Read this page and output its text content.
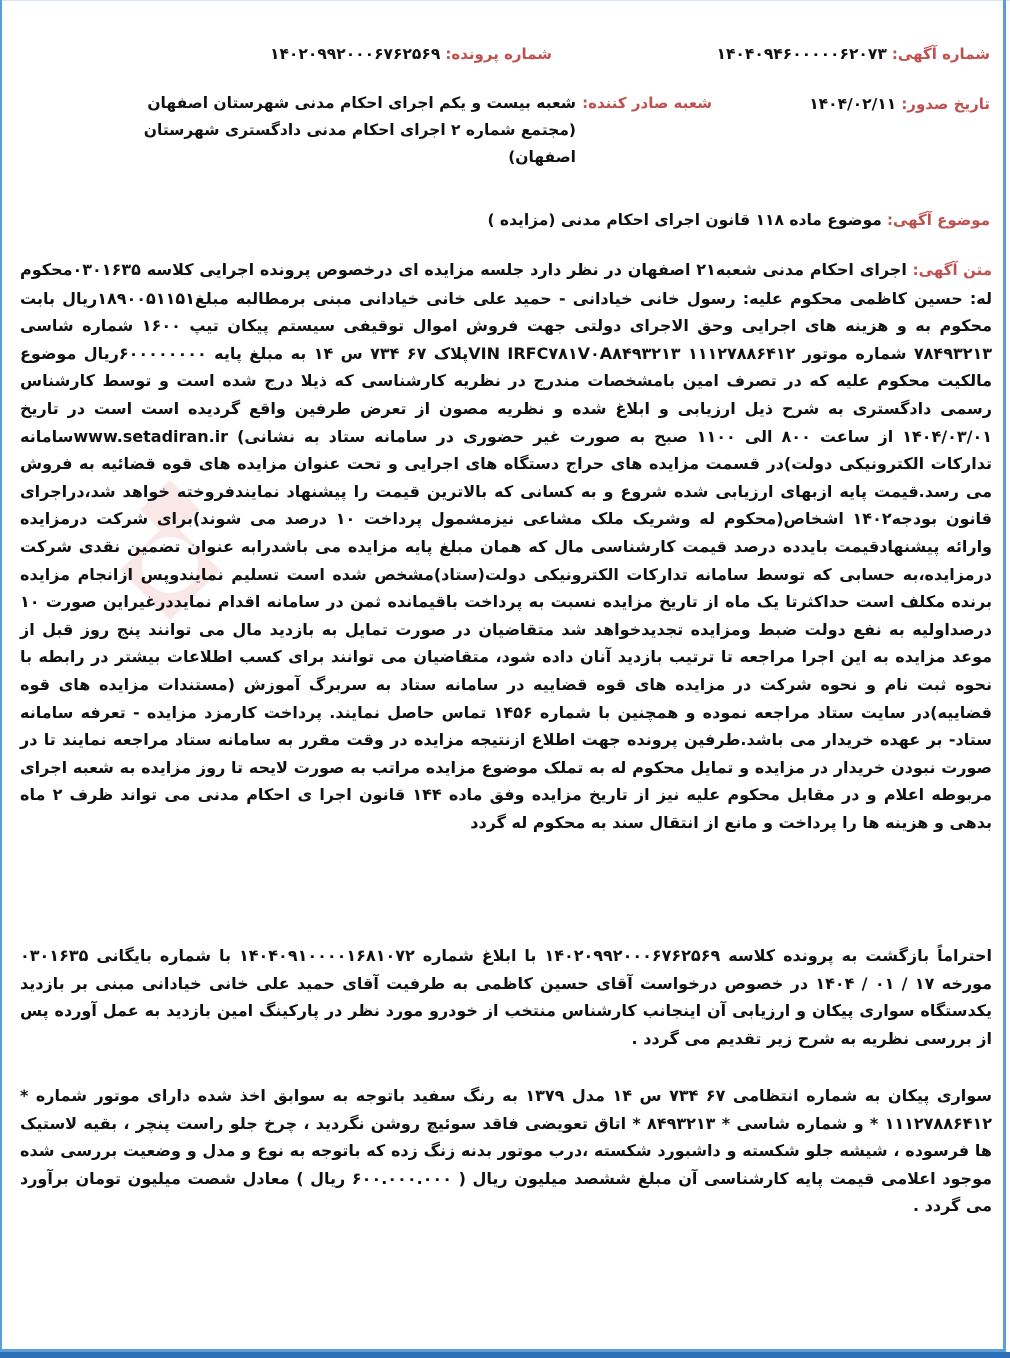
شماره آگهی: ۱۴۰۴۰۹۴۶۰۰۰۰۰۶۲۰۷۳
شماره پرونده: ۱۴۰۲۰۹۹۲۰۰۰۶۷۶۲۵۶۹
تاریخ صدور: ۱۴۰۴/۰۲/۱۱
شعبه صادر کننده:
شعبه بیست و یکم اجرای احکام مدنی شهرستان اصفهان
(مجتمع شماره ۲ اجرای احکام مدنی دادگستری شهرستان
اصفهان)
موضوع آگهی: موضوع ماده ۱۱۸ قانون اجرای احکام مدنی (مزایده )
متن آگهی: اجرای احکام مدنی شعبه۲۱ اصفهان در نظر دارد جلسه مزایده ای درخصوص پرونده اجرایی کلاسه ۰۳۰۱۶۳۵محکوم له: حسین کاظمی محکوم علیه: رسول خانی خیادانی - حمید علی خانی خیادانی مبنی برمطالبه مبلغ۱۸۹۰۰۵۱۱۵۱ریال بابت محکوم به و هزینه های اجرایی وحق الاجرای دولتی جهت فروش اموال توقیفی سیستم پیکان تیپ ۱۶۰۰ شماره شاسی ۷۸۴۹۳۲۱۳ شماره موتور ۱۱۱۲۷۸۸۶۴۱۲ VIN IRFC۷۸۱V۰A۸۴۹۳۲۱۳پلاک ۶۷ ۷۳۴ س ۱۴ به مبلغ پایه ۶۰۰۰۰۰۰۰۰ریال موضوع مالکیت محکوم علیه که در تصرف امین بامشخصات مندرج در نظریه کارشناسی که ذیلا درج شده است و توسط کارشناس رسمی دادگستری به شرح ذیل ارزیابی و ابلاغ شده و نظریه مصون از تعرض طرفین واقع گردیده است است در تاریخ ۱۴۰۴/۰۳/۰۱ از ساعت ۸۰۰ الی ۱۱۰۰ صبح به صورت غیر حضوری در سامانه ستاد به نشانی) www.setadiran.irسامانه تدارکات الکترونیکی دولت)در قسمت مزایده های حراج دستگاه های اجرایی و تحت عنوان مزایده های قوه قضائیه به فروش می رسد.قیمت پایه ازبهای ارزیابی شده شروع و به کسانی که بالاترین قیمت را پیشنهاد نمایندفروخته خواهد شد،دراجرای قانون بودجه۱۴۰۲ اشخاص(محکوم له وشریک ملک مشاعی نیزمشمول پرداخت ۱۰ درصد می شوند)برای شرکت درمزایده وارائه پیشنهادقیمت بایدده درصد قیمت کارشناسی مال که همان مبلغ پایه مزایده می باشدرابه عنوان تضمین نقدی شرکت درمزایده،به حسابی که توسط سامانه تدارکات الکترونیکی دولت(ستاد)مشخص شده است تسلیم نمایندوپس ازانجام مزایده برنده مکلف است حداکثرتا یک ماه از تاریخ مزایده نسبت به پرداخت باقیمانده ثمن در سامانه اقدام نمایددرغیراین صورت ۱۰ درصداولیه به نفع دولت ضبط ومزایده تجدیدخواهد شد متقاضیان در صورت تمایل به بازدید مال می توانند پنج روز قبل از موعد مزایده به این اجرا مراجعه تا ترتیب بازدید آنان داده شود، متقاضیان می توانند برای کسب اطلاعات بیشتر در رابطه با نحوه ثبت نام و نحوه شرکت در مزایده های قوه قضاییه در سامانه ستاد به سربرگ آموزش (مستندات مزایده های قوه قضاییه)در سایت ستاد مراجعه نموده و همچنین با شماره ۱۴۵۶ تماس حاصل نمایند. پرداخت کارمزد مزایده - تعرفه سامانه ستاد- بر عهده خریدار می باشد.طرفین پرونده جهت اطلاع ازنتیجه مزایده در وقت مقرر به سامانه ستاد مراجعه نمایند تا در صورت نبودن خریدار در مزایده و تمایل محکوم له به تملک موضوع مزایده مراتب به صورت لایحه تا روز مزایده به شعبه اجرای مربوطه اعلام و در مقابل محکوم علیه نیز از تاریخ مزایده وفق ماده ۱۴۴ قانون اجرا ی احکام مدنی می تواند ظرف ۲ ماه بدهی و هزینه ها را پرداخت و مانع از انتقال سند به محکوم له گردد
احتراماً بازگشت به پرونده کلاسه ۱۴۰۲۰۹۹۲۰۰۰۶۷۶۲۵۶۹ با ابلاغ شماره ۱۴۰۴۰۹۱۰۰۰۰۱۶۸۱۰۷۲ با شماره بایگانی ۰۳۰۱۶۳۵ مورخه ۱۷ / ۰۱ / ۱۴۰۴ در خصوص درخواست آقای حسین کاظمی به طرفیت آقای حمید علی خانی خیادانی مبنی بر بازدید یکدستگاه سواری پیکان و ارزیابی آن اینجانب کارشناس منتخب از خودرو مورد نظر در پارکینگ امین بازدید به عمل آورده پس از بررسی نظریه به شرح زیر تقدیم می گردد .
سواری پیکان به شماره انتظامی ۶۷ ۷۳۴ س ۱۴ مدل ۱۳۷۹ به رنگ سفید باتوجه به سوابق اخذ شده دارای موتور شماره * ۱۱۱۲۷۸۸۶۴۱۲ * و شماره شاسی * ۸۴۹۳۲۱۳ * اتاق تعویضی فاقد سوئیچ روشن نگردید ، چرخ جلو راست پنچر ، بقیه لاستیک ها فرسوده ، شیشه جلو شکسته و داشبورد شکسته ،درب موتور بدنه زنگ زده که باتوجه به نوع و مدل و وضعیت بررسی شده موجود اعلامی قیمت پایه کارشناسی آن مبلغ ششصد میلیون ریال ( ۶۰۰.۰۰۰.۰۰۰ ریال ) معادل شصت میلیون تومان برآورد می گردد .
